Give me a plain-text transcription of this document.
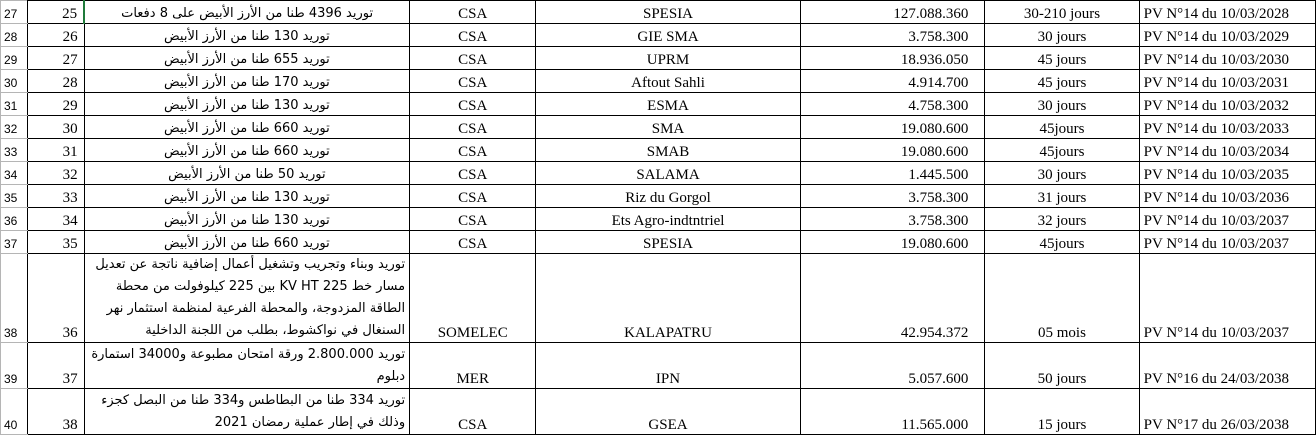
27	25	توريد 4396 طنا من الأرز الأبيض على 8 دفعات	CSA	SPESIA	127.088.360	30-210 jours	PV N°14 du 10/03/2028
28	26	توريد 130 طنا من الأرز الأبيض	CSA	GIE SMA	3.758.300	30 jours	PV N°14 du 10/03/2029
29	27	توريد 655 طنا من الأرز الأبيض	CSA	UPRM	18.936.050	45 jours	PV N°14 du 10/03/2030
30	28	توريد 170 طنا من الأرز الأبيض	CSA	Aftout Sahli	4.914.700	45 jours	PV N°14 du 10/03/2031
31	29	توريد 130 طنا من الأرز الأبيض	CSA	ESMA	4.758.300	30 jours	PV N°14 du 10/03/2032
32	30	توريد 660 طنا من الأرز الأبيض	CSA	SMA	19.080.600	45jours	PV N°14 du 10/03/2033
33	31	توريد 660 طنا من الأرز الأبيض	CSA	SMAB	19.080.600	45jours	PV N°14 du 10/03/2034
34	32	توريد 50 طنا من الأرز الأبيض	CSA	SALAMA	1.445.500	30 jours	PV N°14 du 10/03/2035
35	33	توريد 130 طنا من الأرز الأبيض	CSA	Riz du Gorgol	3.758.300	31 jours	PV N°14 du 10/03/2036
36	34	توريد 130 طنا من الأرز الأبيض	CSA	Ets Agro-indtntriel	3.758.300	32 jours	PV N°14 du 10/03/2037
37	35	توريد 660 طنا من الأرز الأبيض	CSA	SPESIA	19.080.600	45jours	PV N°14 du 10/03/2037
38	36	توريد وبناء وتجريب وتشغيل أعمال إضافية ناتجة عن تعديل مسار خط KV HT 225 بين 225 كيلوفولت من محطة الطاقة المزدوجة، والمحطة الفرعية لمنظمة استثمار نهر السنغال في نواكشوط، بطلب من اللجنة الداخلية	SOMELEC	KALAPATRU	42.954.372	05 mois	PV N°14 du 10/03/2037
39	37	توريد 2.800.000 ورقة امتحان مطبوعة و34000 استمارة دبلوم	MER	IPN	5.057.600	50 jours	PV N°16 du 24/03/2038
40	38	توريد 334 طنا من البطاطس و334 طنا من البصل كجزء وذلك في إطار عملية رمضان 2021	CSA	GSEA	11.565.000	15 jours	PV N°17 du 26/03/2038
